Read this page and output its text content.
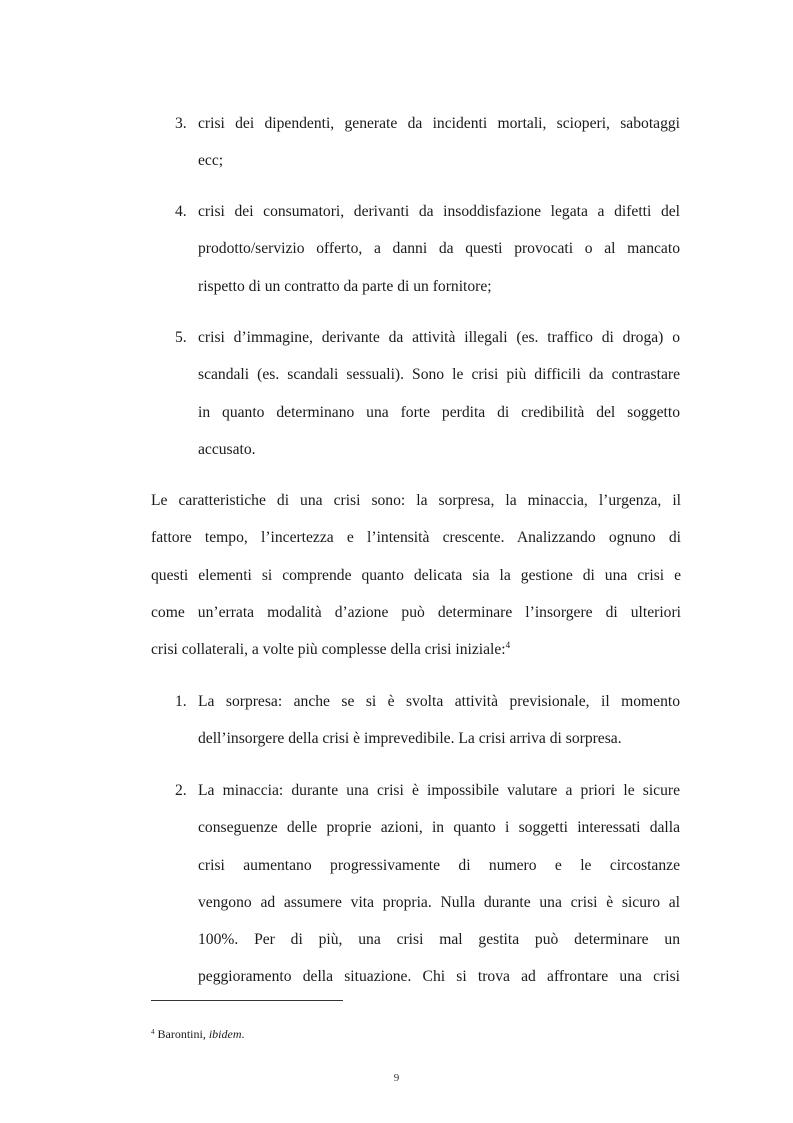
3. crisi dei dipendenti, generate da incidenti mortali, scioperi, sabotaggi
ecc;
4. crisi dei consumatori, derivanti da insoddisfazione legata a difetti del
prodotto/servizio offerto, a danni da questi provocati o al mancato
rispetto di un contratto da parte di un fornitore;
5. crisi d’immagine, derivante da attività illegali (es. traffico di droga) o
scandali (es. scandali sessuali). Sono le crisi più difficili da contrastare
in quanto determinano una forte perdita di credibilità del soggetto
accusato.
Le caratteristiche di una crisi sono: la sorpresa, la minaccia, l’urgenza, il
fattore tempo, l’incertezza e l’intensità crescente. Analizzando ognuno di
questi elementi si comprende quanto delicata sia la gestione di una crisi e
come un’errata modalità d’azione può determinare l’insorgere di ulteriori
crisi collaterali, a volte più complesse della crisi iniziale:$^4$
1. La sorpresa: anche se si è svolta attività previsionale, il momento
dell’insorgere della crisi è imprevedibile. La crisi arriva di sorpresa.
2. La minaccia: durante una crisi è impossibile valutare a priori le sicure
conseguenze delle proprie azioni, in quanto i soggetti interessati dalla
crisi aumentano progressivamente di numero e le circostanze
vengono ad assumere vita propria. Nulla durante una crisi è sicuro al
100%. Per di più, una crisi mal gestita può determinare un
peggioramento della situazione. Chi si trova ad affrontare una crisi
$^4$ Barontini, ibidem.
9
